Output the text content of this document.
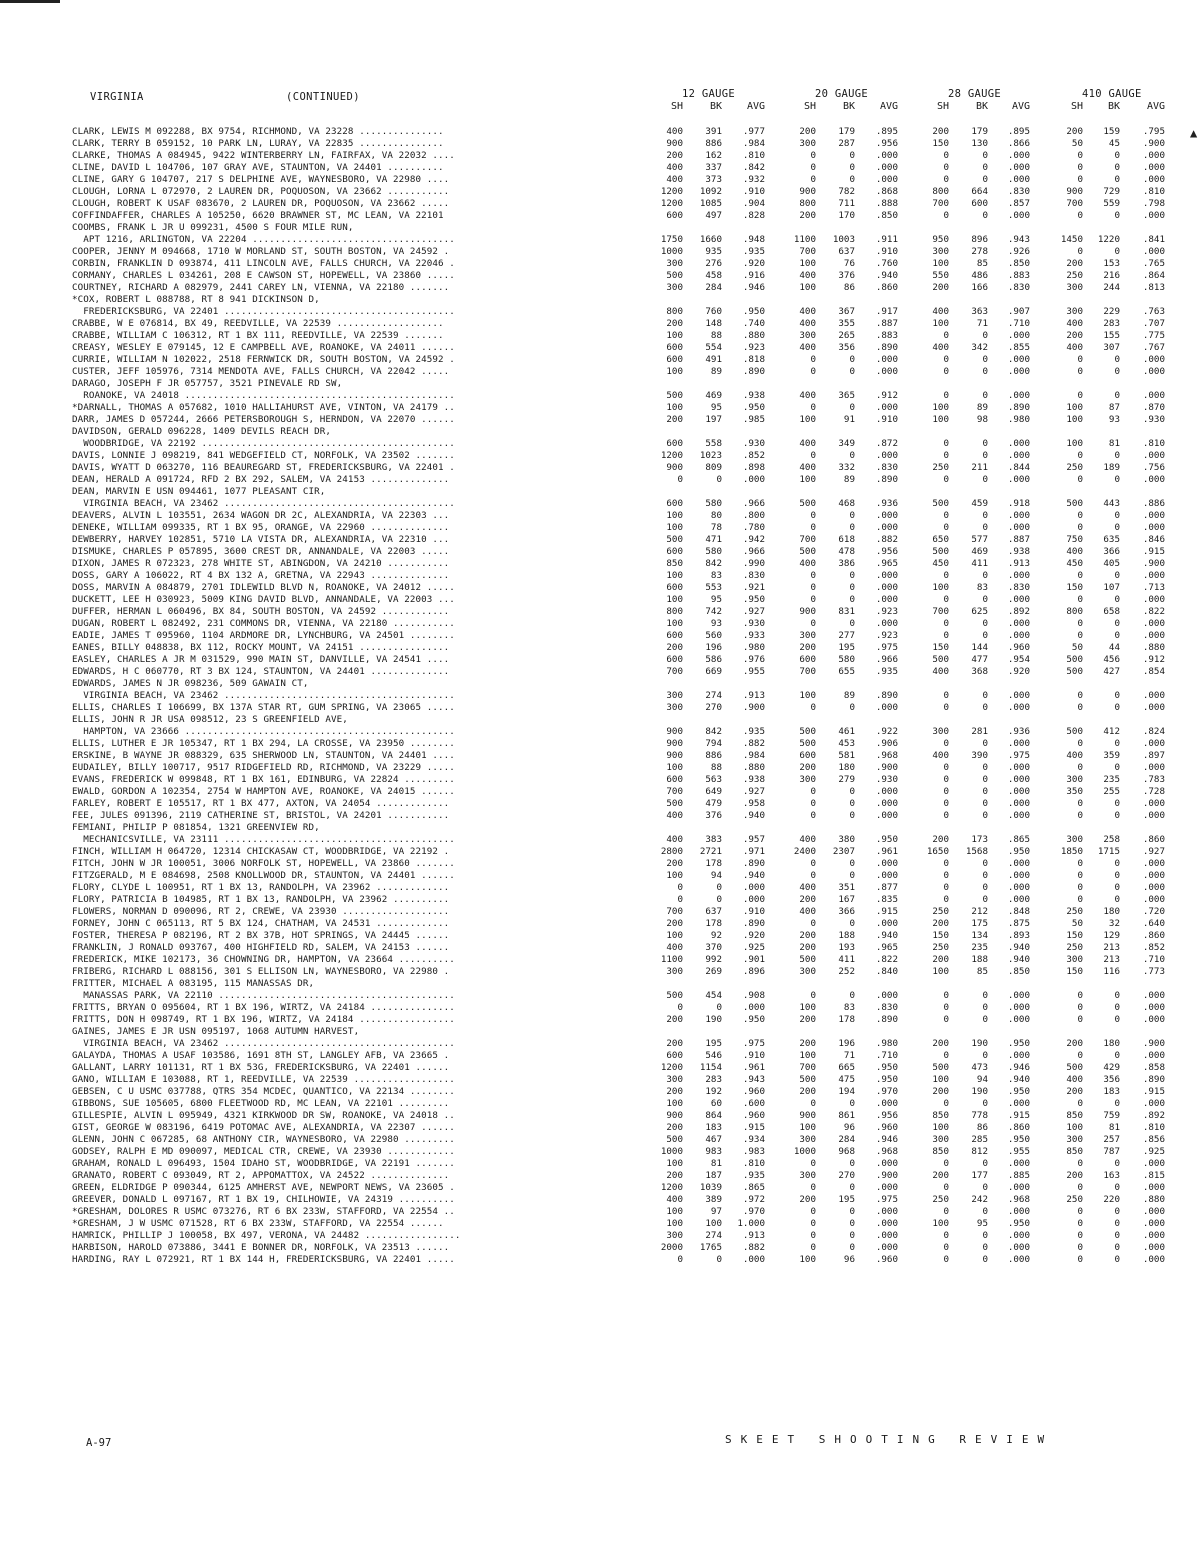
VIRGINIA	(CONTINUED)	12 GAUGE	20 GAUGE	28 GAUGE	410 GAUGE
SH	BK	AVG	SH	BK	AVG	SH	BK	AVG	SH	BK	AVG
CLARK, LEWIS M 092288, BX 9754, RICHMOND, VA 23228 ...............	400	391	.977	200	179	.895	200	179	.895	200	159	.795
CLARK, TERRY B 059152, 10 PARK LN, LURAY, VA 22835 ...............	900	886	.984	300	287	.956	150	130	.866	50	45	.900
CLARKE, THOMAS A 084945, 9422 WINTERBERRY LN, FAIRFAX, VA 22032 ....	200	162	.810	0	0	.000	0	0	.000	0	0	.000
CLINE, DAVID L 104706, 107 GRAY AVE, STAUNTON, VA 24401 ..........	400	337	.842	0	0	.000	0	0	.000	0	0	.000
CLINE, GARY G 104707, 217 S DELPHINE AVE, WAYNESBORO, VA 22980 ....	400	373	.932	0	0	.000	0	0	.000	0	0	.000
CLOUGH, LORNA L 072970, 2 LAUREN DR, POQUOSON, VA 23662 ...........	1200	1092	.910	900	782	.868	800	664	.830	900	729	.810
CLOUGH, ROBERT K USAF 083670, 2 LAUREN DR, POQUOSON, VA 23662 .....	1200	1085	.904	800	711	.888	700	600	.857	700	559	.798
COFFINDAFFER, CHARLES A 105250, 6620 BRAWNER ST, MC LEAN, VA 22101	600	497	.828	200	170	.850	0	0	.000	0	0	.000
COOMBS, FRANK L JR U 099231, 4500 S FOUR MILE RUN,
APT 1216, ARLINGTON, VA 22204 ....................................	1750	1660	.948	1100	1003	.911	950	896	.943	1450	1220	.841
COOPER, JENNY M 094668, 1710 W MORLAND ST, SOUTH BOSTON, VA 24592 .	1000	935	.935	700	637	.910	300	278	.926	0	0	.000
CORBIN, FRANKLIN D 093874, 411 LINCOLN AVE, FALLS CHURCH, VA 22046 .	300	276	.920	100	76	.760	100	85	.850	200	153	.765
CORMANY, CHARLES L 034261, 208 E CAWSON ST, HOPEWELL, VA 23860 .....	500	458	.916	400	376	.940	550	486	.883	250	216	.864
COURTNEY, RICHARD A 082979, 2441 CAREY LN, VIENNA, VA 22180 .......	300	284	.946	100	86	.860	200	166	.830	300	244	.813
*COX, ROBERT L 088788, RT 8 941 DICKINSON D,
FREDERICKSBURG, VA 22401 .........................................	800	760	.950	400	367	.917	400	363	.907	300	229	.763
CRABBE, W E 076814, BX 49, REEDVILLE, VA 22539 ...................	200	148	.740	400	355	.887	100	71	.710	400	283	.707
CRABBE, WILLIAM C 106312, RT 1 BX 111, REEDVILLE, VA 22539 .......	100	88	.880	300	265	.883	0	0	.000	200	155	.775
CREASY, WESLEY E 079145, 12 E CAMPBELL AVE, ROANOKE, VA 24011 ......	600	554	.923	400	356	.890	400	342	.855	400	307	.767
CURRIE, WILLIAM N 102022, 2518 FERNWICK DR, SOUTH BOSTON, VA 24592 .	600	491	.818	0	0	.000	0	0	.000	0	0	.000
CUSTER, JEFF 105976, 7314 MENDOTA AVE, FALLS CHURCH, VA 22042 .....	100	89	.890	0	0	.000	0	0	.000	0	0	.000
DARAGO, JOSEPH F JR 057757, 3521 PINEVALE RD SW,
ROANOKE, VA 24018 ................................................	500	469	.938	400	365	.912	0	0	.000	0	0	.000
*DARNALL, THOMAS A 057682, 1010 HALLIAHURST AVE, VINTON, VA 24179 ..	100	95	.950	0	0	.000	100	89	.890	100	87	.870
DARR, JAMES D 057244, 2666 PETERSBOROUGH S, HERNDON, VA 22070 ......	200	197	.985	100	91	.910	100	98	.980	100	93	.930
DAVIDSON, GERALD 096228, 1409 DEVILS REACH DR,
WOODBRIDGE, VA 22192 .............................................	600	558	.930	400	349	.872	0	0	.000	100	81	.810
DAVIS, LONNIE J 098219, 841 WEDGEFIELD CT, NORFOLK, VA 23502 .......	1200	1023	.852	0	0	.000	0	0	.000	0	0	.000
DAVIS, WYATT D 063270, 116 BEAUREGARD ST, FREDERICKSBURG, VA 22401 .	900	809	.898	400	332	.830	250	211	.844	250	189	.756
DEAN, HERALD A 091724, RFD 2 BX 292, SALEM, VA 24153 ..............	0	0	.000	100	89	.890	0	0	.000	0	0	.000
DEAN, MARVIN E USN 094461, 1077 PLEASANT CIR,
VIRGINIA BEACH, VA 23462 .........................................	600	580	.966	500	468	.936	500	459	.918	500	443	.886
DEAVERS, ALVIN L 103551, 2634 WAGON DR 2C, ALEXANDRIA, VA 22303 ...	100	80	.800	0	0	.000	0	0	.000	0	0	.000
DENEKE, WILLIAM 099335, RT 1 BX 95, ORANGE, VA 22960 ..............	100	78	.780	0	0	.000	0	0	.000	0	0	.000
DEWBERRY, HARVEY 102851, 5710 LA VISTA DR, ALEXANDRIA, VA 22310 ...	500	471	.942	700	618	.882	650	577	.887	750	635	.846
DISMUKE, CHARLES P 057895, 3600 CREST DR, ANNANDALE, VA 22003 .....	600	580	.966	500	478	.956	500	469	.938	400	366	.915
DIXON, JAMES R 072323, 278 WHITE ST, ABINGDON, VA 24210 ...........	850	842	.990	400	386	.965	450	411	.913	450	405	.900
DOSS, GARY A 106022, RT 4 BX 132 A, GRETNA, VA 22943 ..............	100	83	.830	0	0	.000	0	0	.000	0	0	.000
DOSS, MARVIN A 084879, 2701 IDLEWILD BLVD N, ROANOKE, VA 24012 .....	600	553	.921	0	0	.000	100	83	.830	150	107	.713
DUCKETT, LEE H 030923, 5009 KING DAVID BLVD, ANNANDALE, VA 22003 ...	100	95	.950	0	0	.000	0	0	.000	0	0	.000
DUFFER, HERMAN L 060496, BX 84, SOUTH BOSTON, VA 24592 ............	800	742	.927	900	831	.923	700	625	.892	800	658	.822
DUGAN, ROBERT L 082492, 231 COMMONS DR, VIENNA, VA 22180 ...........	100	93	.930	0	0	.000	0	0	.000	0	0	.000
EADIE, JAMES T 095960, 1104 ARDMORE DR, LYNCHBURG, VA 24501 ........	600	560	.933	300	277	.923	0	0	.000	0	0	.000
EANES, BILLY 048838, BX 112, ROCKY MOUNT, VA 24151 ................	200	196	.980	200	195	.975	150	144	.960	50	44	.880
EASLEY, CHARLES A JR M 031529, 990 MAIN ST, DANVILLE, VA 24541 ....	600	586	.976	600	580	.966	500	477	.954	500	456	.912
EDWARDS, H C 060770, RT 3 BX 124, STAUNTON, VA 24401 ..............	700	669	.955	700	655	.935	400	368	.920	500	427	.854
EDWARDS, JAMES N JR 098236, 509 GAWAIN CT,
VIRGINIA BEACH, VA 23462 .........................................	300	274	.913	100	89	.890	0	0	.000	0	0	.000
ELLIS, CHARLES I 106699, BX 137A STAR RT, GUM SPRING, VA 23065 .....	300	270	.900	0	0	.000	0	0	.000	0	0	.000
ELLIS, JOHN R JR USA 098512, 23 S GREENFIELD AVE,
HAMPTON, VA 23666 ................................................	900	842	.935	500	461	.922	300	281	.936	500	412	.824
ELLIS, LUTHER E JR 105347, RT 1 BX 294, LA CROSSE, VA 23950 ........	900	794	.882	500	453	.906	0	0	.000	0	0	.000
ERSKINE, B WAYNE JR 088329, 635 SHERWOOD LN, STAUNTON, VA 24401 ....	900	886	.984	600	581	.968	400	390	.975	400	359	.897
EUDAILEY, BILLY 100717, 9517 RIDGEFIELD RD, RICHMOND, VA 23229 .....	100	88	.880	200	180	.900	0	0	.000	0	0	.000
EVANS, FREDERICK W 099848, RT 1 BX 161, EDINBURG, VA 22824 .........	600	563	.938	300	279	.930	0	0	.000	300	235	.783
EWALD, GORDON A 102354, 2754 W HAMPTON AVE, ROANOKE, VA 24015 ......	700	649	.927	0	0	.000	0	0	.000	350	255	.728
FARLEY, ROBERT E 105517, RT 1 BX 477, AXTON, VA 24054 .............	500	479	.958	0	0	.000	0	0	.000	0	0	.000
FEE, JULES 091396, 2119 CATHERINE ST, BRISTOL, VA 24201 ...........	400	376	.940	0	0	.000	0	0	.000	0	0	.000
FEMIANI, PHILIP P 081854, 1321 GREENVIEW RD,
MECHANICSVILLE, VA 23111 .........................................	400	383	.957	400	380	.950	200	173	.865	300	258	.860
FINCH, WILLIAM H 064720, 12314 CHICKASAW CT, WOODBRIDGE, VA 22192 .	2800	2721	.971	2400	2307	.961	1650	1568	.950	1850	1715	.927
FITCH, JOHN W JR 100051, 3006 NORFOLK ST, HOPEWELL, VA 23860 .......	200	178	.890	0	0	.000	0	0	.000	0	0	.000
FITZGERALD, M E 084698, 2508 KNOLLWOOD DR, STAUNTON, VA 24401 ......	100	94	.940	0	0	.000	0	0	.000	0	0	.000
FLORY, CLYDE L 100951, RT 1 BX 13, RANDOLPH, VA 23962 .............	0	0	.000	400	351	.877	0	0	.000	0	0	.000
FLORY, PATRICIA B 104985, RT 1 BX 13, RANDOLPH, VA 23962 ..........	0	0	.000	200	167	.835	0	0	.000	0	0	.000
FLOWERS, NORMAN D 090096, RT 2, CREWE, VA 23930 ...................	700	637	.910	400	366	.915	250	212	.848	250	180	.720
FORNEY, JOHN C 065113, RT 5 BX 124, CHATHAM, VA 24531 .............	200	178	.890	0	0	.000	200	175	.875	50	32	.640
FOSTER, THERESA P 082196, RT 2 BX 37B, HOT SPRINGS, VA 24445 ......	100	92	.920	200	188	.940	150	134	.893	150	129	.860
FRANKLIN, J RONALD 093767, 400 HIGHFIELD RD, SALEM, VA 24153 ......	400	370	.925	200	193	.965	250	235	.940	250	213	.852
FREDERICK, MIKE 102173, 36 CHOWNING DR, HAMPTON, VA 23664 ..........	1100	992	.901	500	411	.822	200	188	.940	300	213	.710
FRIBERG, RICHARD L 088156, 301 S ELLISON LN, WAYNESBORO, VA 22980 .	300	269	.896	300	252	.840	100	85	.850	150	116	.773
FRITTER, MICHAEL A 083195, 115 MANASSAS DR,
MANASSAS PARK, VA 22110 ..........................................	500	454	.908	0	0	.000	0	0	.000	0	0	.000
FRITTS, BRYAN O 095604, RT 1 BX 196, WIRTZ, VA 24184 ...............	0	0	.000	100	83	.830	0	0	.000	0	0	.000
FRITTS, DON H 098749, RT 1 BX 196, WIRTZ, VA 24184 .................	200	190	.950	200	178	.890	0	0	.000	0	0	.000
GAINES, JAMES E JR USN 095197, 1068 AUTUMN HARVEST,
VIRGINIA BEACH, VA 23462 .........................................	200	195	.975	200	196	.980	200	190	.950	200	180	.900
GALAYDA, THOMAS A USAF 103586, 1691 8TH ST, LANGLEY AFB, VA 23665 .	600	546	.910	100	71	.710	0	0	.000	0	0	.000
GALLANT, LARRY 101131, RT 1 BX 53G, FREDERICKSBURG, VA 22401 ......	1200	1154	.961	700	665	.950	500	473	.946	500	429	.858
GANO, WILLIAM E 103088, RT 1, REEDVILLE, VA 22539 ..................	300	283	.943	500	475	.950	100	94	.940	400	356	.890
GEBSEN, C U USMC 037788, QTRS 354 MCDEC, QUANTICO, VA 22134 ........	200	192	.960	200	194	.970	200	190	.950	200	183	.915
GIBBONS, SUE 105605, 6800 FLEETWOOD RD, MC LEAN, VA 22101 .........	100	60	.600	0	0	.000	0	0	.000	0	0	.000
GILLESPIE, ALVIN L 095949, 4321 KIRKWOOD DR SW, ROANOKE, VA 24018 ..	900	864	.960	900	861	.956	850	778	.915	850	759	.892
GIST, GEORGE W 083196, 6419 POTOMAC AVE, ALEXANDRIA, VA 22307 ......	200	183	.915	100	96	.960	100	86	.860	100	81	.810
GLENN, JOHN C 067285, 68 ANTHONY CIR, WAYNESBORO, VA 22980 .........	500	467	.934	300	284	.946	300	285	.950	300	257	.856
GODSEY, RALPH E MD 090097, MEDICAL CTR, CREWE, VA 23930 ............	1000	983	.983	1000	968	.968	850	812	.955	850	787	.925
GRAHAM, RONALD L 096493, 1504 IDAHO ST, WOODBRIDGE, VA 22191 .......	100	81	.810	0	0	.000	0	0	.000	0	0	.000
GRANATO, ROBERT C 093049, RT 2, APPOMATTOX, VA 24522 ..............	200	187	.935	300	270	.900	200	177	.885	200	163	.815
GREEN, ELDRIDGE P 090344, 6125 AMHERST AVE, NEWPORT NEWS, VA 23605 .	1200	1039	.865	0	0	.000	0	0	.000	0	0	.000
GREEVER, DONALD L 097167, RT 1 BX 19, CHILHOWIE, VA 24319 ..........	400	389	.972	200	195	.975	250	242	.968	250	220	.880
*GRESHAM, DOLORES R USMC 073276, RT 6 BX 233W, STAFFORD, VA 22554 ..	100	97	.970	0	0	.000	0	0	.000	0	0	.000
*GRESHAM, J W USMC 071528, RT 6 BX 233W, STAFFORD, VA 22554 ......	100	100	1.000	0	0	.000	100	95	.950	0	0	.000
HAMRICK, PHILLIP J 100058, BX 497, VERONA, VA 24482 .................	300	274	.913	0	0	.000	0	0	.000	0	0	.000
HARBISON, HAROLD 073886, 3441 E BONNER DR, NORFOLK, VA 23513 ......	2000	1765	.882	0	0	.000	0	0	.000	0	0	.000
HARDING, RAY L 072921, RT 1 BX 144 H, FREDERICKSBURG, VA 22401 .....	0	0	.000	100	96	.960	0	0	.000	0	0	.000
▲
A-97	SKEET SHOOTING REVIEW
